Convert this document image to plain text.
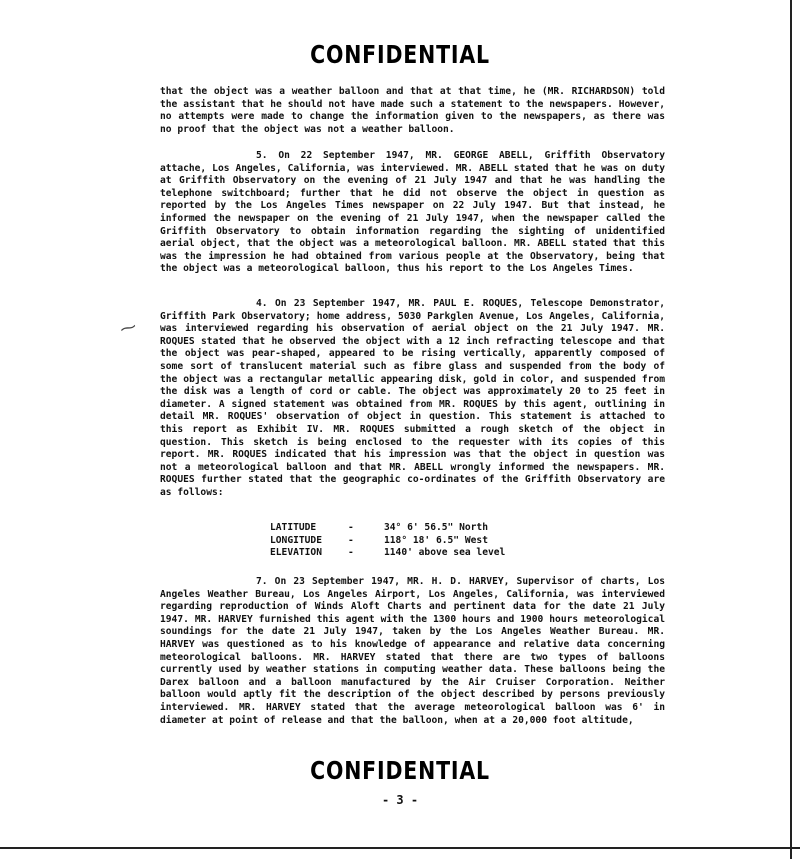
CONFIDENTIAL
that the object was a weather balloon and that at that time, he (MR. RICHARDSON) told the assistant that he should not have made such a statement to the newspapers. However, no attempts were made to change the information given to the newspapers, as there was no proof that the object was not a weather balloon.
5. On 22 September 1947, MR. GEORGE ABELL, Griffith Observatory attache, Los Angeles, California, was interviewed. MR. ABELL stated that he was on duty at Griffith Observatory on the evening of 21 July 1947 and that he was handling the telephone switchboard; further that he did not observe the object in question as reported by the Los Angeles Times newspaper on 22 July 1947. But that instead, he informed the newspaper on the evening of 21 July 1947, when the newspaper called the Griffith Observatory to obtain information regarding the sighting of unidentified aerial object, that the object was a meteorological balloon. MR. ABELL stated that this was the impression he had obtained from various people at the Observatory, being that the object was a meteorological balloon, thus his report to the Los Angeles Times.
⁓
4. On 23 September 1947, MR. PAUL E. ROQUES, Telescope Demonstrator, Griffith Park Observatory; home address, 5030 Parkglen Avenue, Los Angeles, California, was interviewed regarding his observation of aerial object on the 21 July 1947. MR. ROQUES stated that he observed the object with a 12 inch refracting telescope and that the object was pear-shaped, appeared to be rising vertically, apparently composed of some sort of translucent material such as fibre glass and suspended from the body of the object was a rectangular metallic appearing disk, gold in color, and suspended from the disk was a length of cord or cable. The object was approximately 20 to 25 feet in diameter. A signed statement was obtained from MR. ROQUES by this agent, outlining in detail MR. ROQUES' observation of object in question. This statement is attached to this report as Exhibit IV. MR. ROQUES submitted a rough sketch of the object in question. This sketch is being enclosed to the requester with its copies of this report. MR. ROQUES indicated that his impression was that the object in question was not a meteorological balloon and that MR. ABELL wrongly informed the newspapers. MR. ROQUES further stated that the geographic co-ordinates of the Griffith Observatory are as follows:
LATITUDE	-	34° 6' 56.5" North
LONGITUDE	-	118° 18' 6.5" West
ELEVATION	-	1140' above sea level
7. On 23 September 1947, MR. H. D. HARVEY, Supervisor of charts, Los Angeles Weather Bureau, Los Angeles Airport, Los Angeles, California, was interviewed regarding reproduction of Winds Aloft Charts and pertinent data for the date 21 July 1947. MR. HARVEY furnished this agent with the 1300 hours and 1900 hours meteorological soundings for the date 21 July 1947, taken by the Los Angeles Weather Bureau. MR. HARVEY was questioned as to his knowledge of appearance and relative data concerning meteorological balloons. MR. HARVEY stated that there are two types of balloons currently used by weather stations in computing weather data. These balloons being the Darex balloon and a balloon manufactured by the Air Cruiser Corporation. Neither balloon would aptly fit the description of the object described by persons previously interviewed. MR. HARVEY stated that the average meteorological balloon was 6' in diameter at point of release and that the balloon, when at a 20,000 foot altitude,
CONFIDENTIAL
- 3 -
